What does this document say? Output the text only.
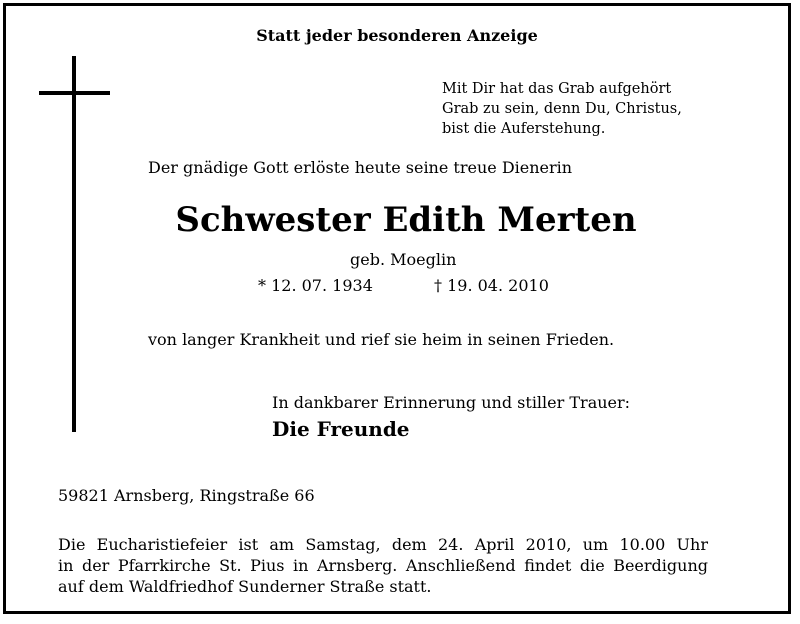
Statt jeder besonderen Anzeige
Mit Dir hat das Grab aufgehört
Grab zu sein, denn Du, Christus,
bist die Auferstehung.
Der gnädige Gott erlöste heute seine treue Dienerin
Schwester Edith Merten
geb. Moeglin
* 12. 07. 1934	† 19. 04. 2010
von langer Krankheit und rief sie heim in seinen Frieden.
In dankbarer Erinnerung und stiller Trauer:
Die Freunde
59821 Arnsberg, Ringstraße 66
Die Eucharistiefeier ist am Samstag, dem 24. April 2010, um 10.00 Uhr
in der Pfarrkirche St. Pius in Arnsberg. Anschließend findet die Beerdigung
auf dem Waldfriedhof Sunderner Straße statt.
